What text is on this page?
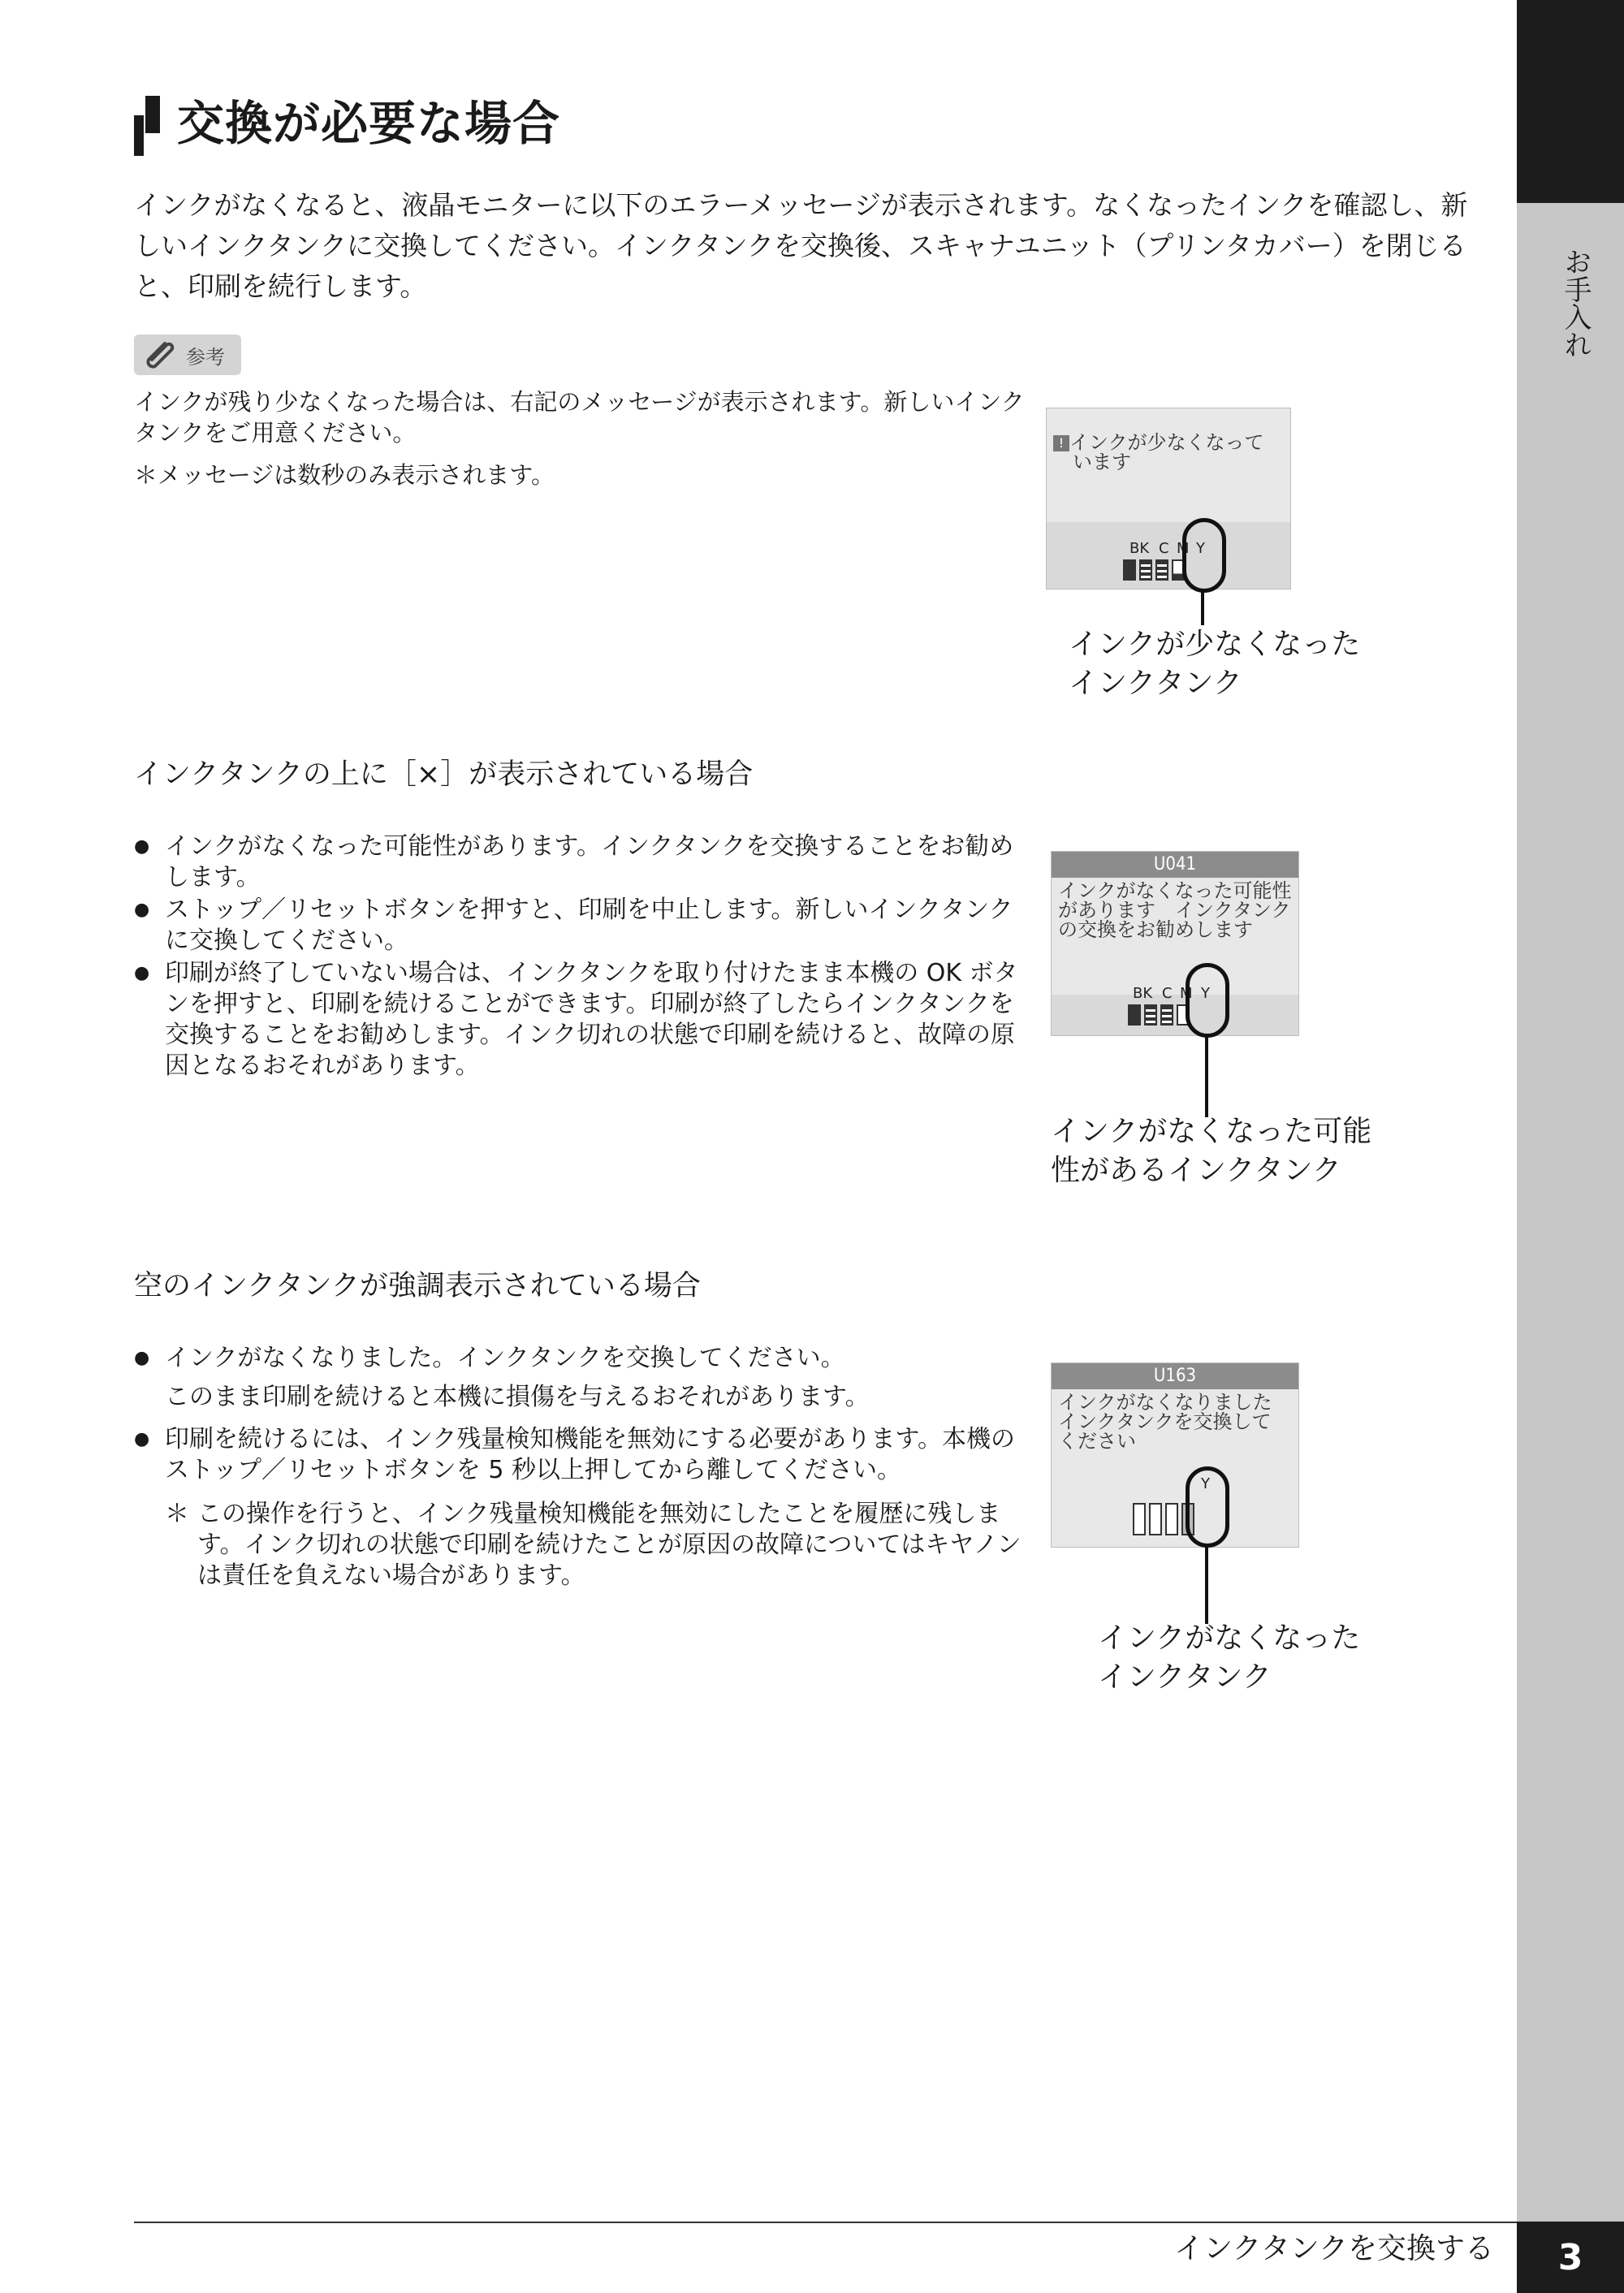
お手入れ
交換が必要な場合

インクがなくなると、液晶モニターに以下のエラーメッセージが表示されます。なくなったインクを確認し、新しいインクタンクに交換してください。インクタンクを交換後、スキャナユニット（プリンタカバー）を閉じると、印刷を続行します。

参考

インクが残り少なくなった場合は、右記のメッセージが表示されます。新しいインクタンクをご用意ください。

＊メッセージは数秒のみ表示されます。

! インクが少なくなって
　います

BK C M Y
インクが少なくなった
インクタンク
インクタンクの上に［×］が表示されている場合
● インクがなくなった可能性があります。インクタンクを交換することをお勧めします。
● ストップ／リセットボタンを押すと、印刷を中止します。新しいインクタンクに交換してください。
● 印刷が終了していない場合は、インクタンクを取り付けたまま本機の OK ボタンを押すと、印刷を続けることができます。印刷が終了したらインクタンクを交換することをお勧めします。インク切れの状態で印刷を続けると、故障の原因となるおそれがあります。
U041
インクがなくなった可能性
があります　インクタンク
の交換をお勧めします
BK C M Y
インクがなくなった可能
性があるインクタンク
空のインクタンクが強調表示されている場合
● インクがなくなりました。インクタンクを交換してください。
このまま印刷を続けると本機に損傷を与えるおそれがあります。
● 印刷を続けるには、インク残量検知機能を無効にする必要があります。本機のストップ／リセットボタンを 5 秒以上押してから離してください。
＊ この操作を行うと、インク残量検知機能を無効にしたことを履歴に残します。インク切れの状態で印刷を続けたことが原因の故障についてはキヤノンは責任を負えない場合があります。
U163
インクがなくなりました
インクタンクを交換して
ください
Y
インクがなくなった
インクタンク
インクタンクを交換する	3
